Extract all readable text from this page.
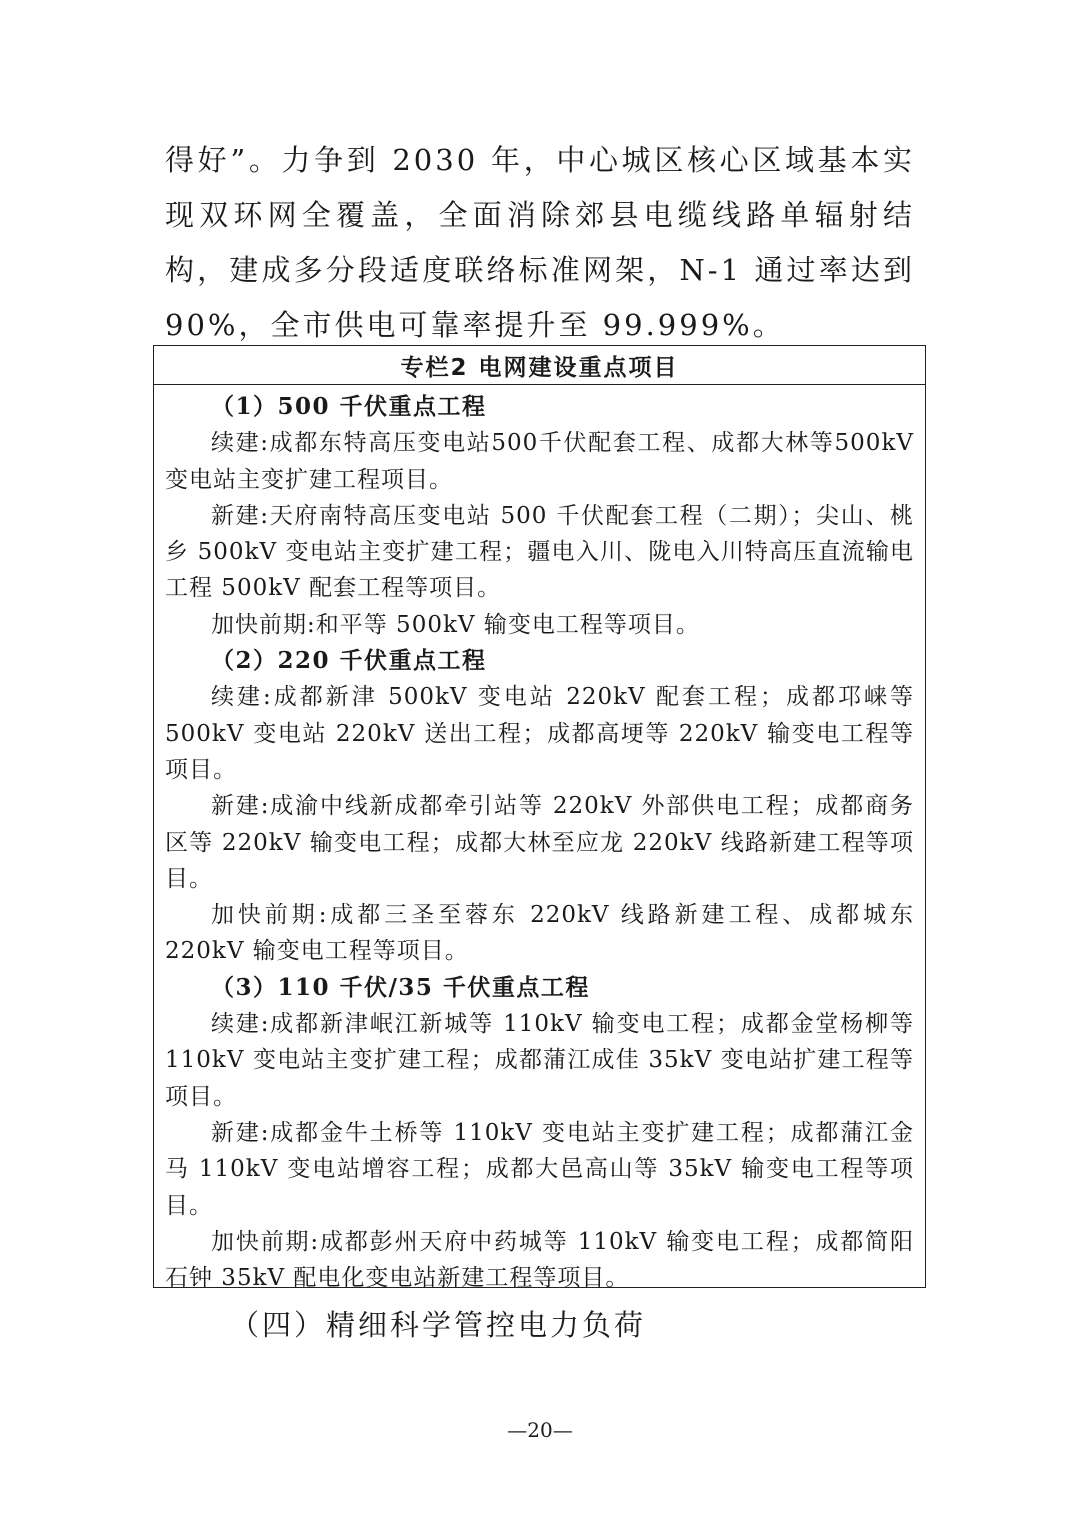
得好”。力争到 2030 年，中心城区核心区域基本实现双环网全覆盖，全面消除郊县电缆线路单辐射结构，建成多分段适度联络标准网架，N-1 通过率达到 90%，全市供电可靠率提升至 99.999%。

专栏2 电网建设重点项目

（1）500 千伏重点工程

续建:成都东特高压变电站500千伏配套工程、成都大林等500kV变电站主变扩建工程项目。

新建:天府南特高压变电站 500 千伏配套工程（二期）；尖山、桃乡 500kV 变电站主变扩建工程；疆电入川、陇电入川特高压直流输电工程 500kV 配套工程等项目。

加快前期:和平等 500kV 输变电工程等项目。

（2）220 千伏重点工程

续建:成都新津 500kV 变电站 220kV 配套工程；成都邛崃等 500kV 变电站 220kV 送出工程；成都高埂等 220kV 输变电工程等项目。

新建:成渝中线新成都牵引站等 220kV 外部供电工程；成都商务区等 220kV 输变电工程；成都大林至应龙 220kV 线路新建工程等项目。

加快前期:成都三圣至蓉东 220kV 线路新建工程、成都城东 220kV 输变电工程等项目。

（3）110 千伏/35 千伏重点工程

续建:成都新津岷江新城等 110kV 输变电工程；成都金堂杨柳等 110kV 变电站主变扩建工程；成都蒲江成佳 35kV 变电站扩建工程等项目。

新建:成都金牛土桥等 110kV 变电站主变扩建工程；成都蒲江金马 110kV 变电站增容工程；成都大邑高山等 35kV 输变电工程等项目。

加快前期:成都彭州天府中药城等 110kV 输变电工程；成都简阳石钟 35kV 配电化变电站新建工程等项目。

（四）精细科学管控电力负荷

—20—
